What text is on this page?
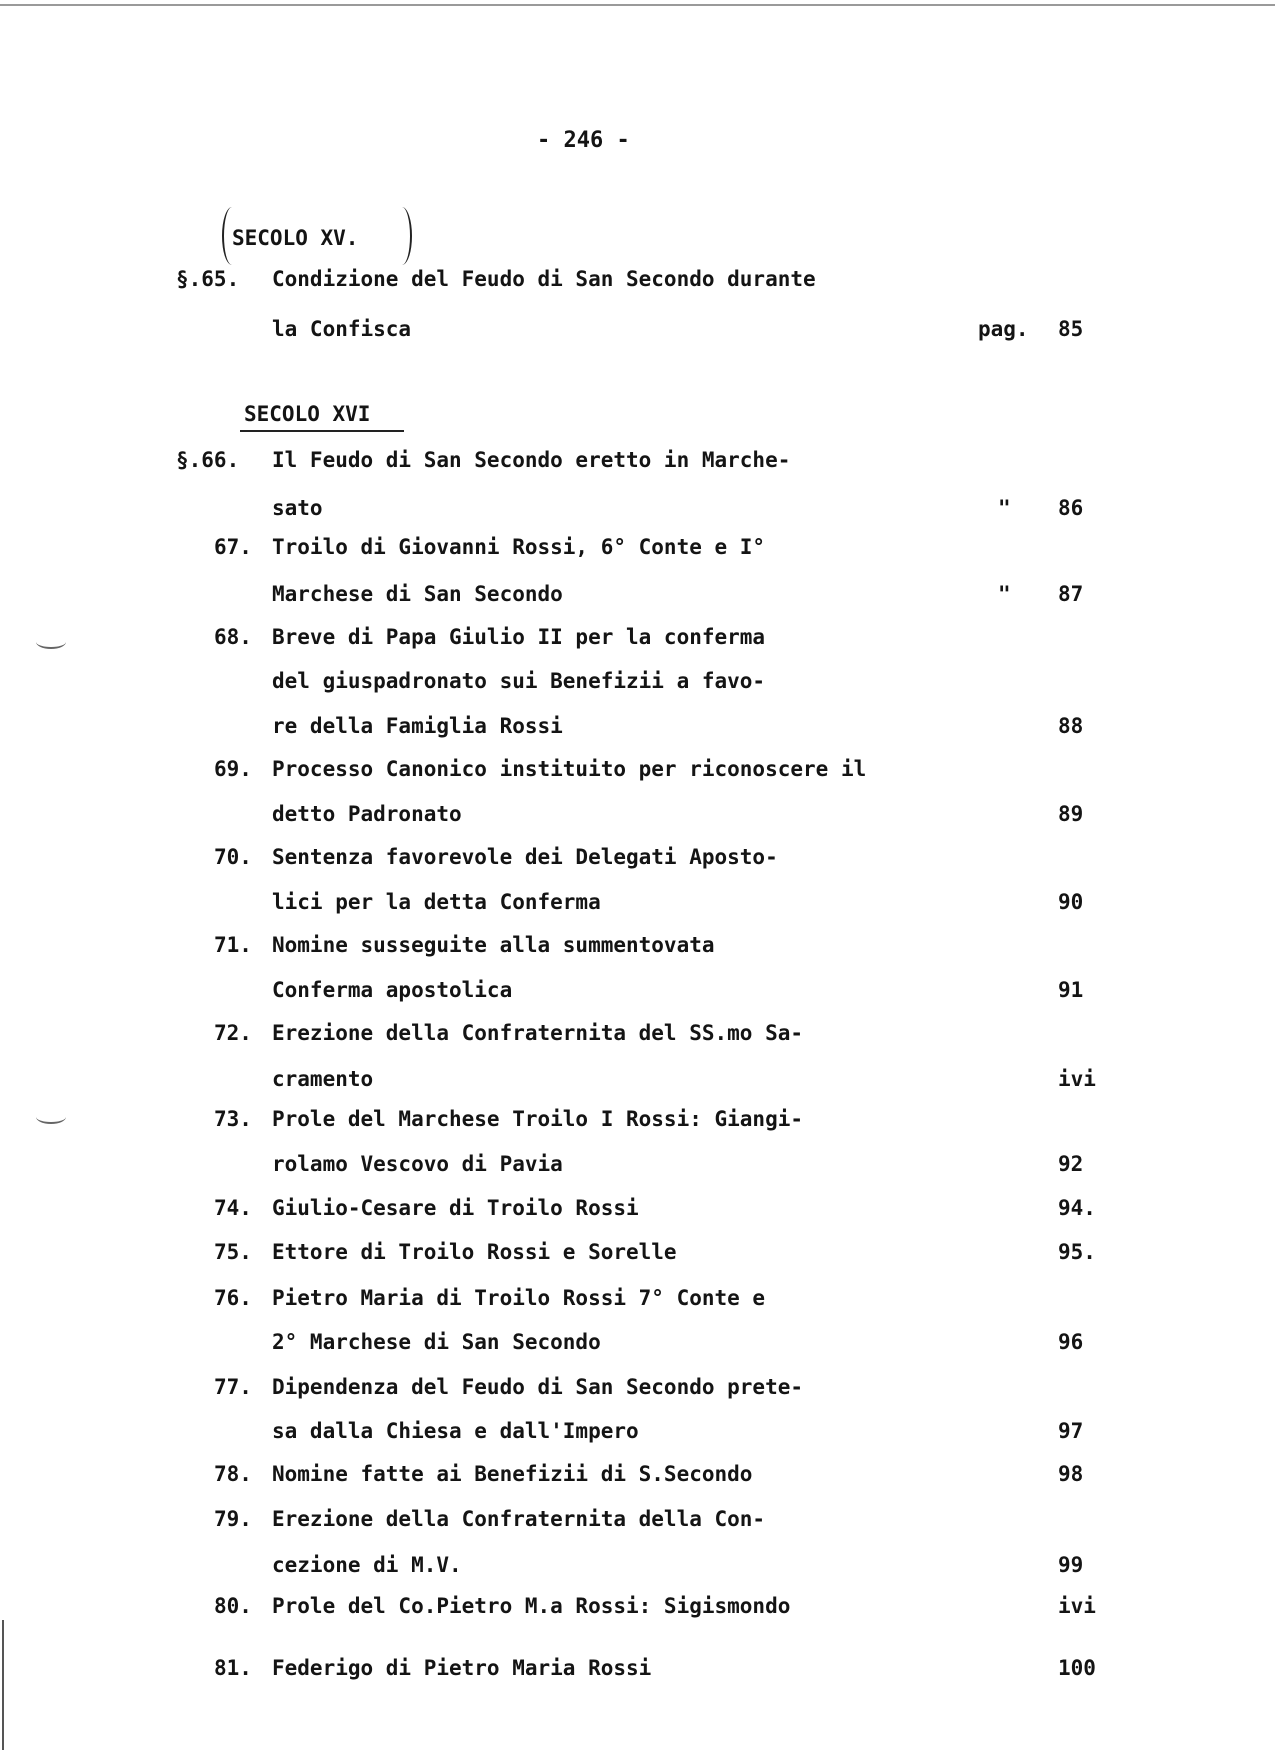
- 246 -
SECOLO XV.
SECOLO XVI
§.65. Condizione del Feudo di San Secondo durante
la Confisca	pag. 85
§.66. Il Feudo di San Secondo eretto in Marche-
sato	" 86
67. Troilo di Giovanni Rossi, 6° Conte e I°
Marchese di San Secondo	" 87
68. Breve di Papa Giulio II per la conferma
del giuspadronato sui Benefizii a favo-
re della Famiglia Rossi	88
69. Processo Canonico instituito per riconoscere il
detto Padronato	89
70. Sentenza favorevole dei Delegati Aposto-
lici per la detta Conferma	90
71. Nomine susseguite alla summentovata
Conferma apostolica	91
72. Erezione della Confraternita del SS.mo Sa-
cramento	ivi
73. Prole del Marchese Troilo I Rossi: Giangi-
rolamo Vescovo di Pavia	92
74. Giulio-Cesare di Troilo Rossi	94.
75. Ettore di Troilo Rossi e Sorelle	95.
76. Pietro Maria di Troilo Rossi 7° Conte e
2° Marchese di San Secondo	96
77. Dipendenza del Feudo di San Secondo prete-
sa dalla Chiesa e dall'Impero	97
78. Nomine fatte ai Benefizii di S.Secondo	98
79. Erezione della Confraternita della Con-
cezione di M.V.	99
80. Prole del Co.Pietro M.a Rossi: Sigismondo	ivi
81. Federigo di Pietro Maria Rossi	100
